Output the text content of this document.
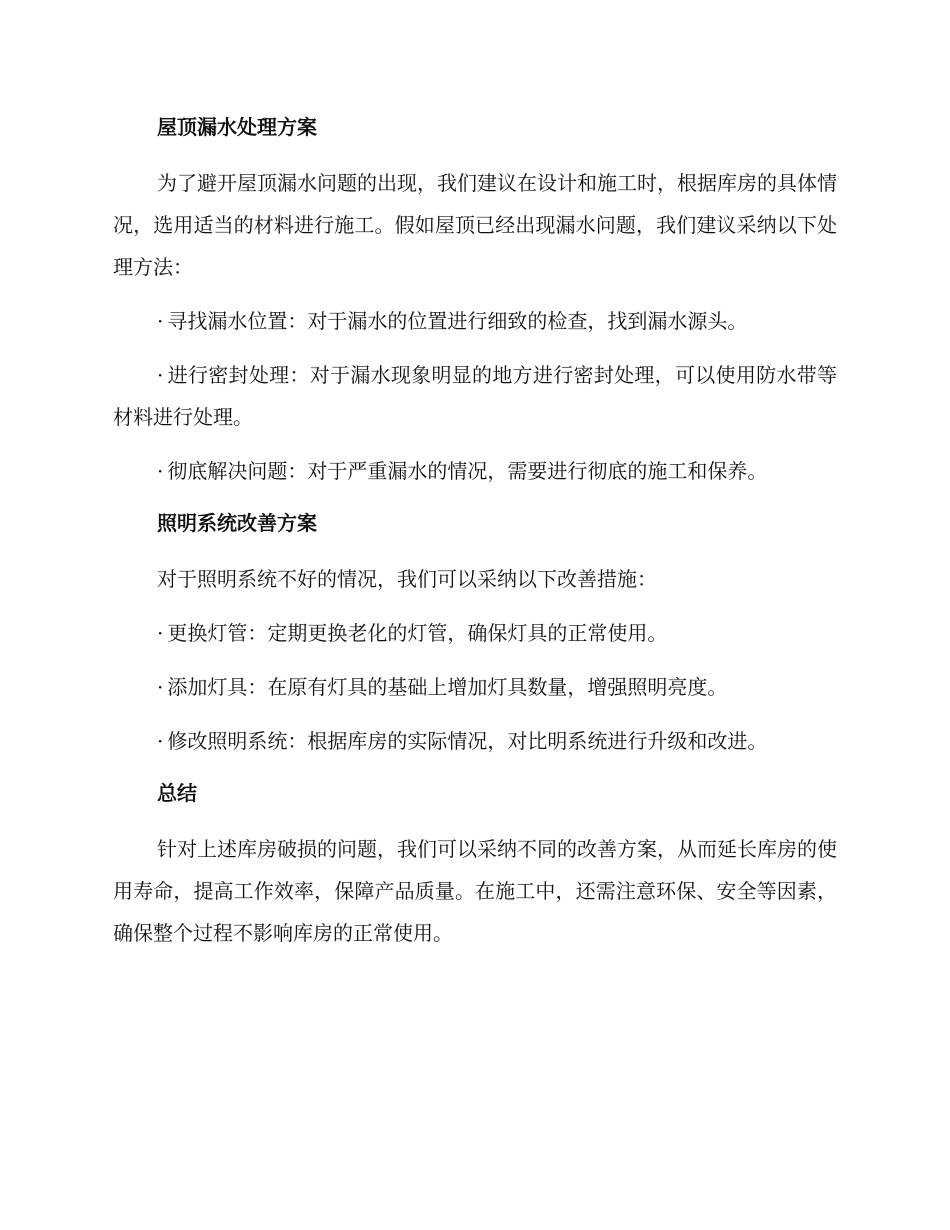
屋顶漏水处理方案

为了避开屋顶漏水问题的出现，我们建议在设计和施工时，根据库房的具体情况，选用适当的材料进行施工。假如屋顶已经出现漏水问题，我们建议采纳以下处理方法：

· 寻找漏水位置：对于漏水的位置进行细致的检查，找到漏水源头。

· 进行密封处理：对于漏水现象明显的地方进行密封处理，可以使用防水带等材料进行处理。

· 彻底解决问题：对于严重漏水的情况，需要进行彻底的施工和保养。

照明系统改善方案

对于照明系统不好的情况，我们可以采纳以下改善措施：

· 更换灯管：定期更换老化的灯管，确保灯具的正常使用。

· 添加灯具：在原有灯具的基础上增加灯具数量，增强照明亮度。

· 修改照明系统：根据库房的实际情况，对比明系统进行升级和改进。

总结

针对上述库房破损的问题，我们可以采纳不同的改善方案，从而延长库房的使用寿命，提高工作效率，保障产品质量。在施工中，还需注意环保、安全等因素，确保整个过程不影响库房的正常使用。
